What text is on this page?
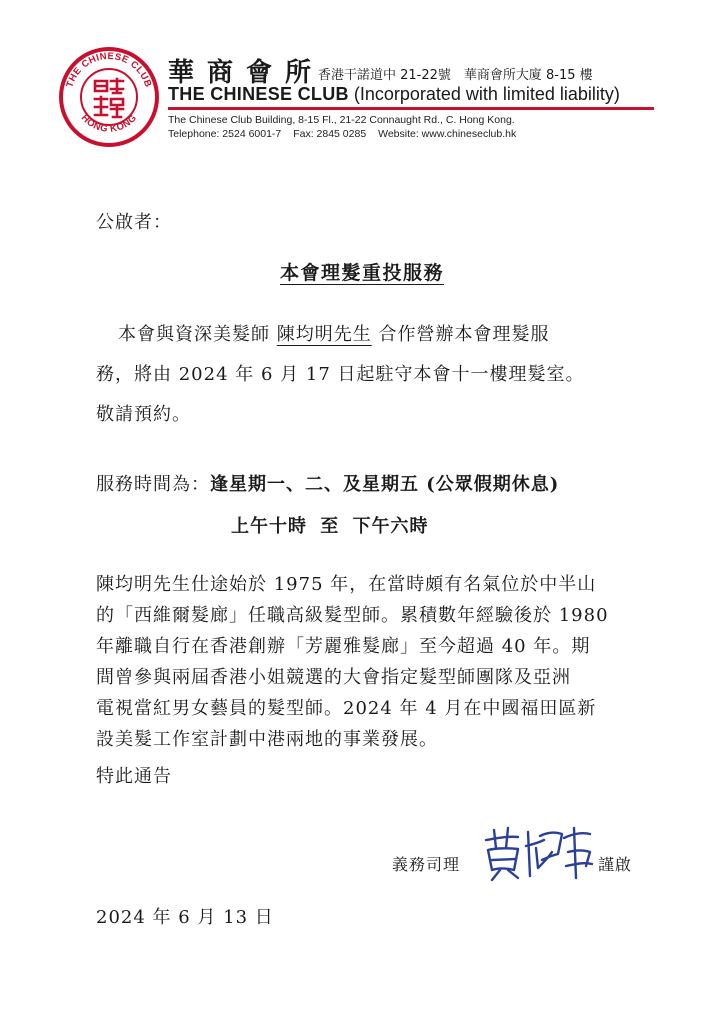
THE CHINESE CLUB
HONG KONG
華商會所
香港干諾道中 21-22號　華商會所大廈 8-15 樓
THE CHINESE CLUB (Incorporated with limited liability)
The Chinese Club Building, 8-15 Fl., 21-22 Connaught Rd., C. Hong Kong.
Telephone: 2524 6001-7 Fax: 2845 0285 Website: www.chineseclub.hk
公啟者：
本會理髮重投服務
本會與資深美髮師 陳均明先生 合作營辦本會理髮服
務，將由 2024 年 6 月 17 日起駐守本會十一樓理髮室。
敬請預約。
服務時間為：逢星期一、二、及星期五 (公眾假期休息)
上午十時 至 下午六時
陳均明先生仕途始於 1975 年，在當時頗有名氣位於中半山
的「西維爾髮廊」任職高級髮型師。累積數年經驗後於 1980
年離職自行在香港創辦「芳麗雅髮廊」至今超過 40 年。期
間曾參與兩屆香港小姐競選的大會指定髮型師團隊及亞洲
電視當紅男女藝員的髮型師。2024 年 4 月在中國福田區新
設美髮工作室計劃中港兩地的事業發展。
特此通告
義務司理	謹啟
2024 年 6 月 13 日
